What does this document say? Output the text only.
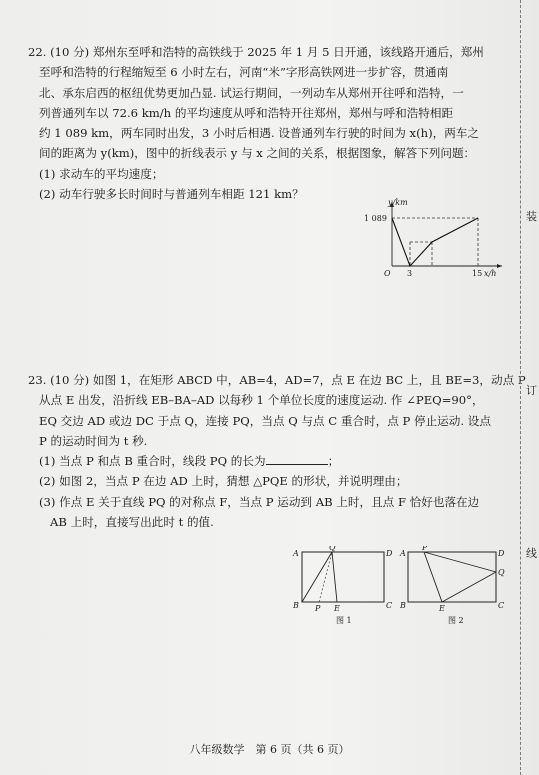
22. (10 分) 郑州东至呼和浩特的高铁线于 2025 年 1 月 5 日开通，该线路开通后，郑州

至呼和浩特的行程缩短至 6 小时左右，河南“米”字形高铁网进一步扩容，贯通南

北、承东启西的枢纽优势更加凸显. 试运行期间，一列动车从郑州开往呼和浩特，一

列普通列车以 72.6 km/h 的平均速度从呼和浩特开往郑州，郑州与呼和浩特相距

约 1 089 km，两车同时出发，3 小时后相遇. 设普通列车行驶的时间为 x(h)，两车之

间的距离为 y(km)，图中的折线表示 y 与 x 之间的关系，根据图象，解答下列问题：

(1) 求动车的平均速度；

(2) 动车行驶多长时间时与普通列车相距 121 km？

y/km
1 089
O 3	15 x/h

23. (10 分) 如图 1，在矩形 ABCD 中，AB=4，AD=7，点 E 在边 BC 上，且 BE=3，动点 P

从点 E 出发，沿折线 EB–BA–AD 以每秒 1 个单位长度的速度运动. 作 ∠PEQ=90°，

EQ 交边 AD 或边 DC 于点 Q，连接 PQ，当点 Q 与点 C 重合时，点 P 停止运动. 设点

P 的运动时间为 t 秒.

(1) 当点 P 和点 B 重合时，线段 PQ 的长为	；

(2) 如图 2，当点 P 在边 AD 上时，猜想 △PQE 的形状，并说明理由；

(3) 作点 E 关于直线 PQ 的对称点 F，当点 P 运动到 AB 上时，且点 F 恰好也落在边

AB 上时，直接写出此时 t 的值.

A	D
B	C
P E
Q
图 1
A
P
D
Q
B	E	C
图 2
装
订
线
八年级数学　第 6 页（共 6 页）
